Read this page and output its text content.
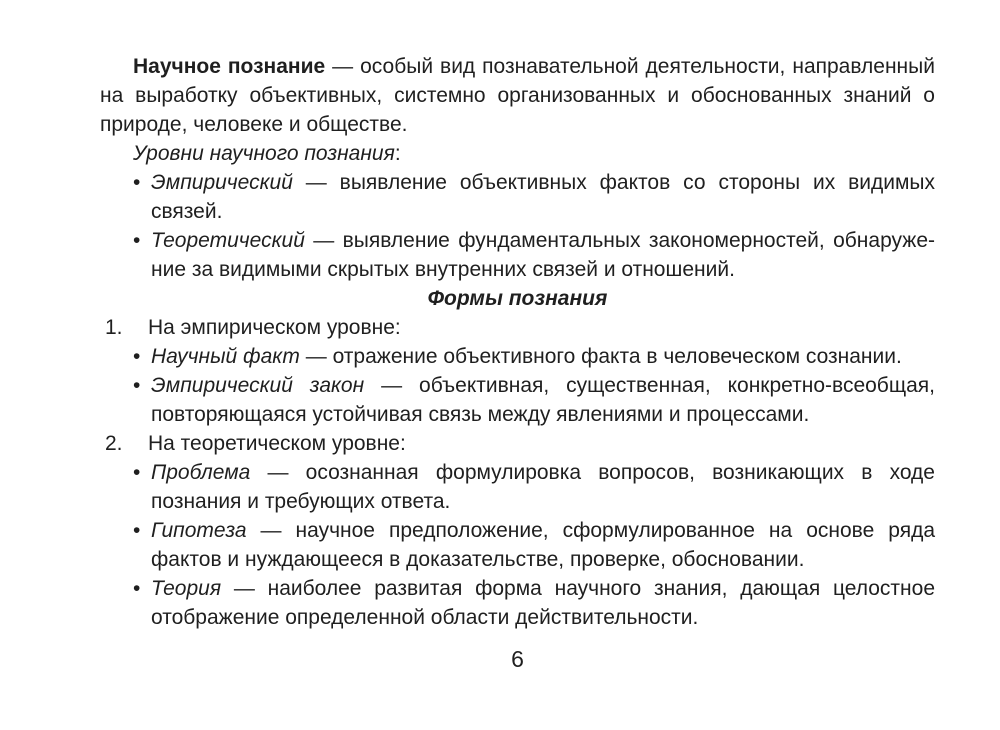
Научное познание — особый вид познавательной деятельности, направленный на выработку объективных, системно организованных и обоснованных знаний о природе, человеке и обществе.

Уровни научного познания:

• Эмпирический — выявление объективных фактов со стороны их видимых связей.

• Теоретический — выявление фундаментальных закономерностей, обнаружение за видимыми скрытых внутренних связей и отношений.

Формы познания

1. На эмпирическом уровне:

• Научный факт — отражение объективного факта в человеческом сознании.

• Эмпирический закон — объективная, существенная, конкретно-всеобщая, повторяющаяся устойчивая связь между явлениями и процессами.

2. На теоретическом уровне:

• Проблема — осознанная формулировка вопросов, возникающих в ходе познания и требующих ответа.

• Гипотеза — научное предположение, сформулированное на основе ряда фактов и нуждающееся в доказательстве, проверке, обосновании.

• Теория — наиболее развитая форма научного знания, дающая целостное отображение определенной области действительности.

6
